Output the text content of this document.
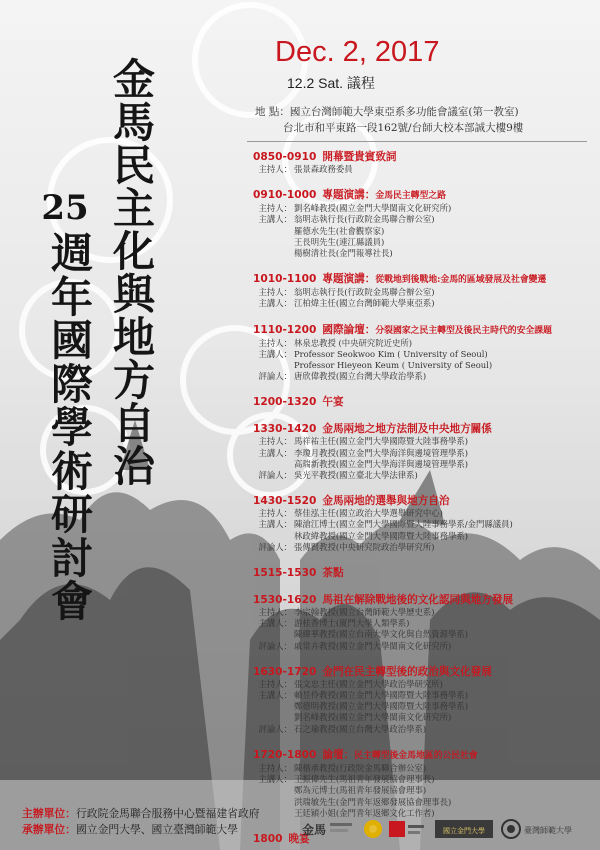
金
馬
民
主
化
與
地
方
自
治
25
週
年
國
際
學
術
研
討
會
Dec. 2, 2017
12.2 Sat. 議程
地 點：國立台灣師範大學東亞系多功能會議室(第一教室)
台北市和平東路一段162號/台師大校本部誠大樓9樓
0850-0910 開幕暨貴賓致詞
主持人： 張景森政務委員
0910-1000 專題演講：金馬民主轉型之路
主持人： 劉名峰教授(國立金門大學閩南文化研究所)
主講人： 翁明志執行長(行政院金馬聯合辦公室)
羅德水先生(社會觀察家)
王長明先生(連江縣議員)
楊樹清社長(金門報導社長)
1010-1100 專題演講：從戰地到後戰地:金馬的區域發展及社會變遷
主持人： 翁明志執行長(行政院金馬聯合辦公室)
主講人： 江柏煒主任(國立台灣師範大學東亞系)
1110-1200 國際論壇：分裂國家之民主轉型及後民主時代的安全課題
主持人： 林泉忠教授 (中央研究院近史所)
主講人： Professor Seokwoo Kim ( University of Seoul)
Professor Hieyeon Keum ( University of Seoul)
評論人： 唐欣偉教授(國立台灣大學政治學系)
1200-1320 午宴
1330-1420 金馬兩地之地方法制及中央地方關係
主持人： 馬祥祐主任(國立金門大學國際暨大陸事務學系)
主講人： 李瓊月教授(國立金門大學海洋與邊境管理學系)
高瑞新教授(國立金門大學海洋與邊境管理學系)
評論人： 吳光平教授(國立臺北大學法律系)
1430-1520 金馬兩地的選舉與地方自治
主持人： 蔡佳泓主任(國立政治大學選舉研究中心)
主講人： 陳滄江博士(國立金門大學國際暨大陸事務學系/金門縣議員)
林政緯教授(國立金門大學國際暨大陸事務學系)
評論人： 張傳賢教授(中央研究院政治學研究所)
1515-1530 茶點
1530-1620 馬祖在解除戰地後的文化認同與地方發展
主持人： 李宗翰教授(國立台灣師範大學歷史系)
主講人： 游桂香博士(廈門大學人類學系)
陳緯華教授(國立台南大學文化與自然資源學系)
評論人： 戚常卉教授(國立金門大學閩南文化研究所)
1630-1720 金門在民主轉型後的政治與文化發展
主持人： 張文忠主任(國立金門大學政治學研究所)
主講人： 賴昱伶教授(國立金門大學國際暨大陸事務學系)
鄭德明教授(國立金門大學國際暨大陸事務學系)
劉名峰教授(國立金門大學閩南文化研究所)
評論人： 石之瑜教授(國立台灣大學政治學系)
1720-1800 論壇：民主轉型後金馬地區的公民社會
主持人： 陳楷承教授(行政院金馬聯合辦公室)
主講人： 王振偉先生(馬祖青年發展協會理事長)
鄭為元博士(馬祖青年發展協會理事)
洪瑞敏先生(金門青年返鄉發展協會理事長)
王廷穎小姐(金門青年返鄉文化工作者)
1800 晚宴
主辦單位：行政院金馬聯合服務中心暨福建省政府
承辦單位：國立金門大學、國立臺灣師範大學	金馬	國立金門大學	臺灣師範大學
